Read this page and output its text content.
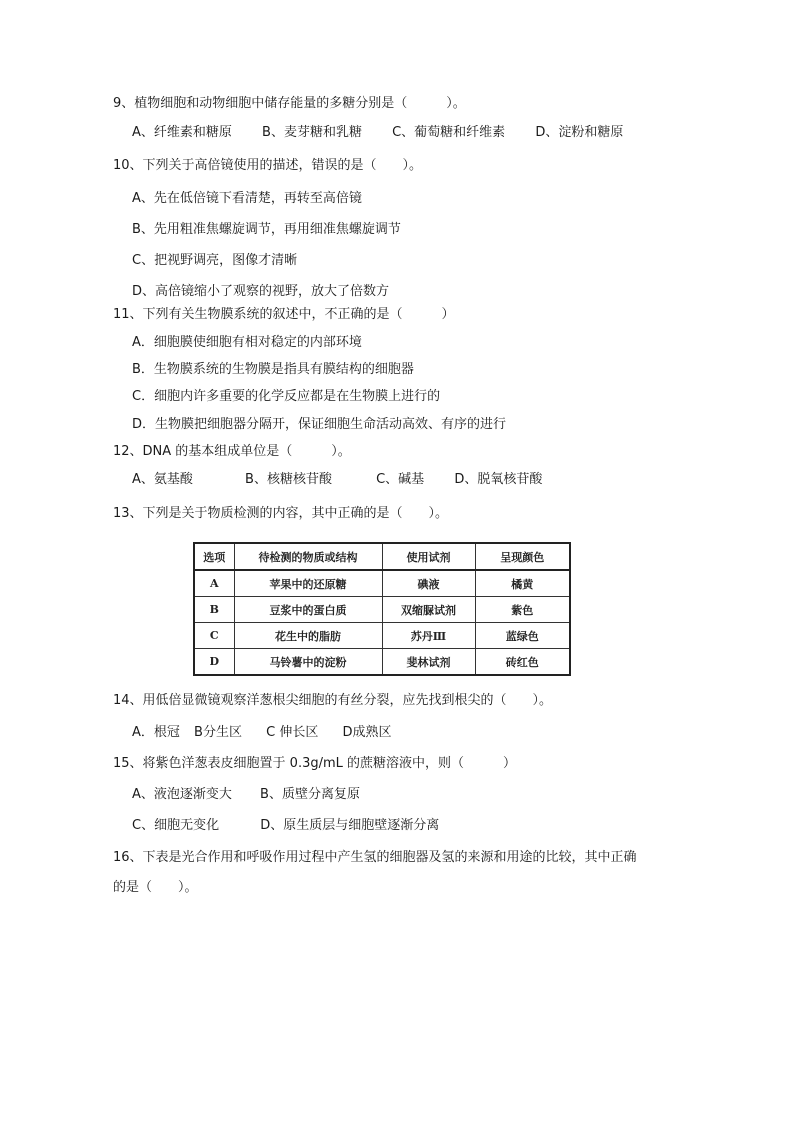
9、植物细胞和动物细胞中储存能量的多糖分别是（　　　）。
A、纤维素和糖原 B、麦芽糖和乳糖 C、葡萄糖和纤维素 D、淀粉和糖原
10、下列关于高倍镜使用的描述，错误的是（　　）。
A、先在低倍镜下看清楚，再转至高倍镜
B、先用粗准焦螺旋调节，再用细准焦螺旋调节
C、把视野调亮，图像才清晰
D、高倍镜缩小了观察的视野，放大了倍数方
11、下列有关生物膜系统的叙述中，不正确的是（　　　）
A．细胞膜使细胞有相对稳定的内部环境
B．生物膜系统的生物膜是指具有膜结构的细胞器
C．细胞内许多重要的化学反应都是在生物膜上进行的
D．生物膜把细胞器分隔开，保证细胞生命活动高效、有序的进行
12、DNA 的基本组成单位是（　　　）。
A、氨基酸	B、核糖核苷酸	C、碱基 D、脱氧核苷酸
13、下列是关于物质检测的内容，其中正确的是（　　）。
选项	待检测的物质或结构	使用试剂	呈现颜色
A	苹果中的还原糖	碘液	橘黄
B	豆浆中的蛋白质	双缩脲试剂	紫色
C	花生中的脂肪	苏丹Ⅲ	蓝绿色
D	马铃薯中的淀粉	斐林试剂	砖红色
14、用低倍显微镜观察洋葱根尖细胞的有丝分裂，应先找到根尖的（　　）。
A．根冠 B分生区 C 伸长区 D成熟区
15、将紫色洋葱表皮细胞置于 0.3g/mL 的蔗糖溶液中，则（　　　）
A、液泡逐渐变大 B、质壁分离复原
C、细胞无变化	D、原生质层与细胞壁逐渐分离
16、下表是光合作用和呼吸作用过程中产生氢的细胞器及氢的来源和用途的比较，其中正确
的是（　　）。
